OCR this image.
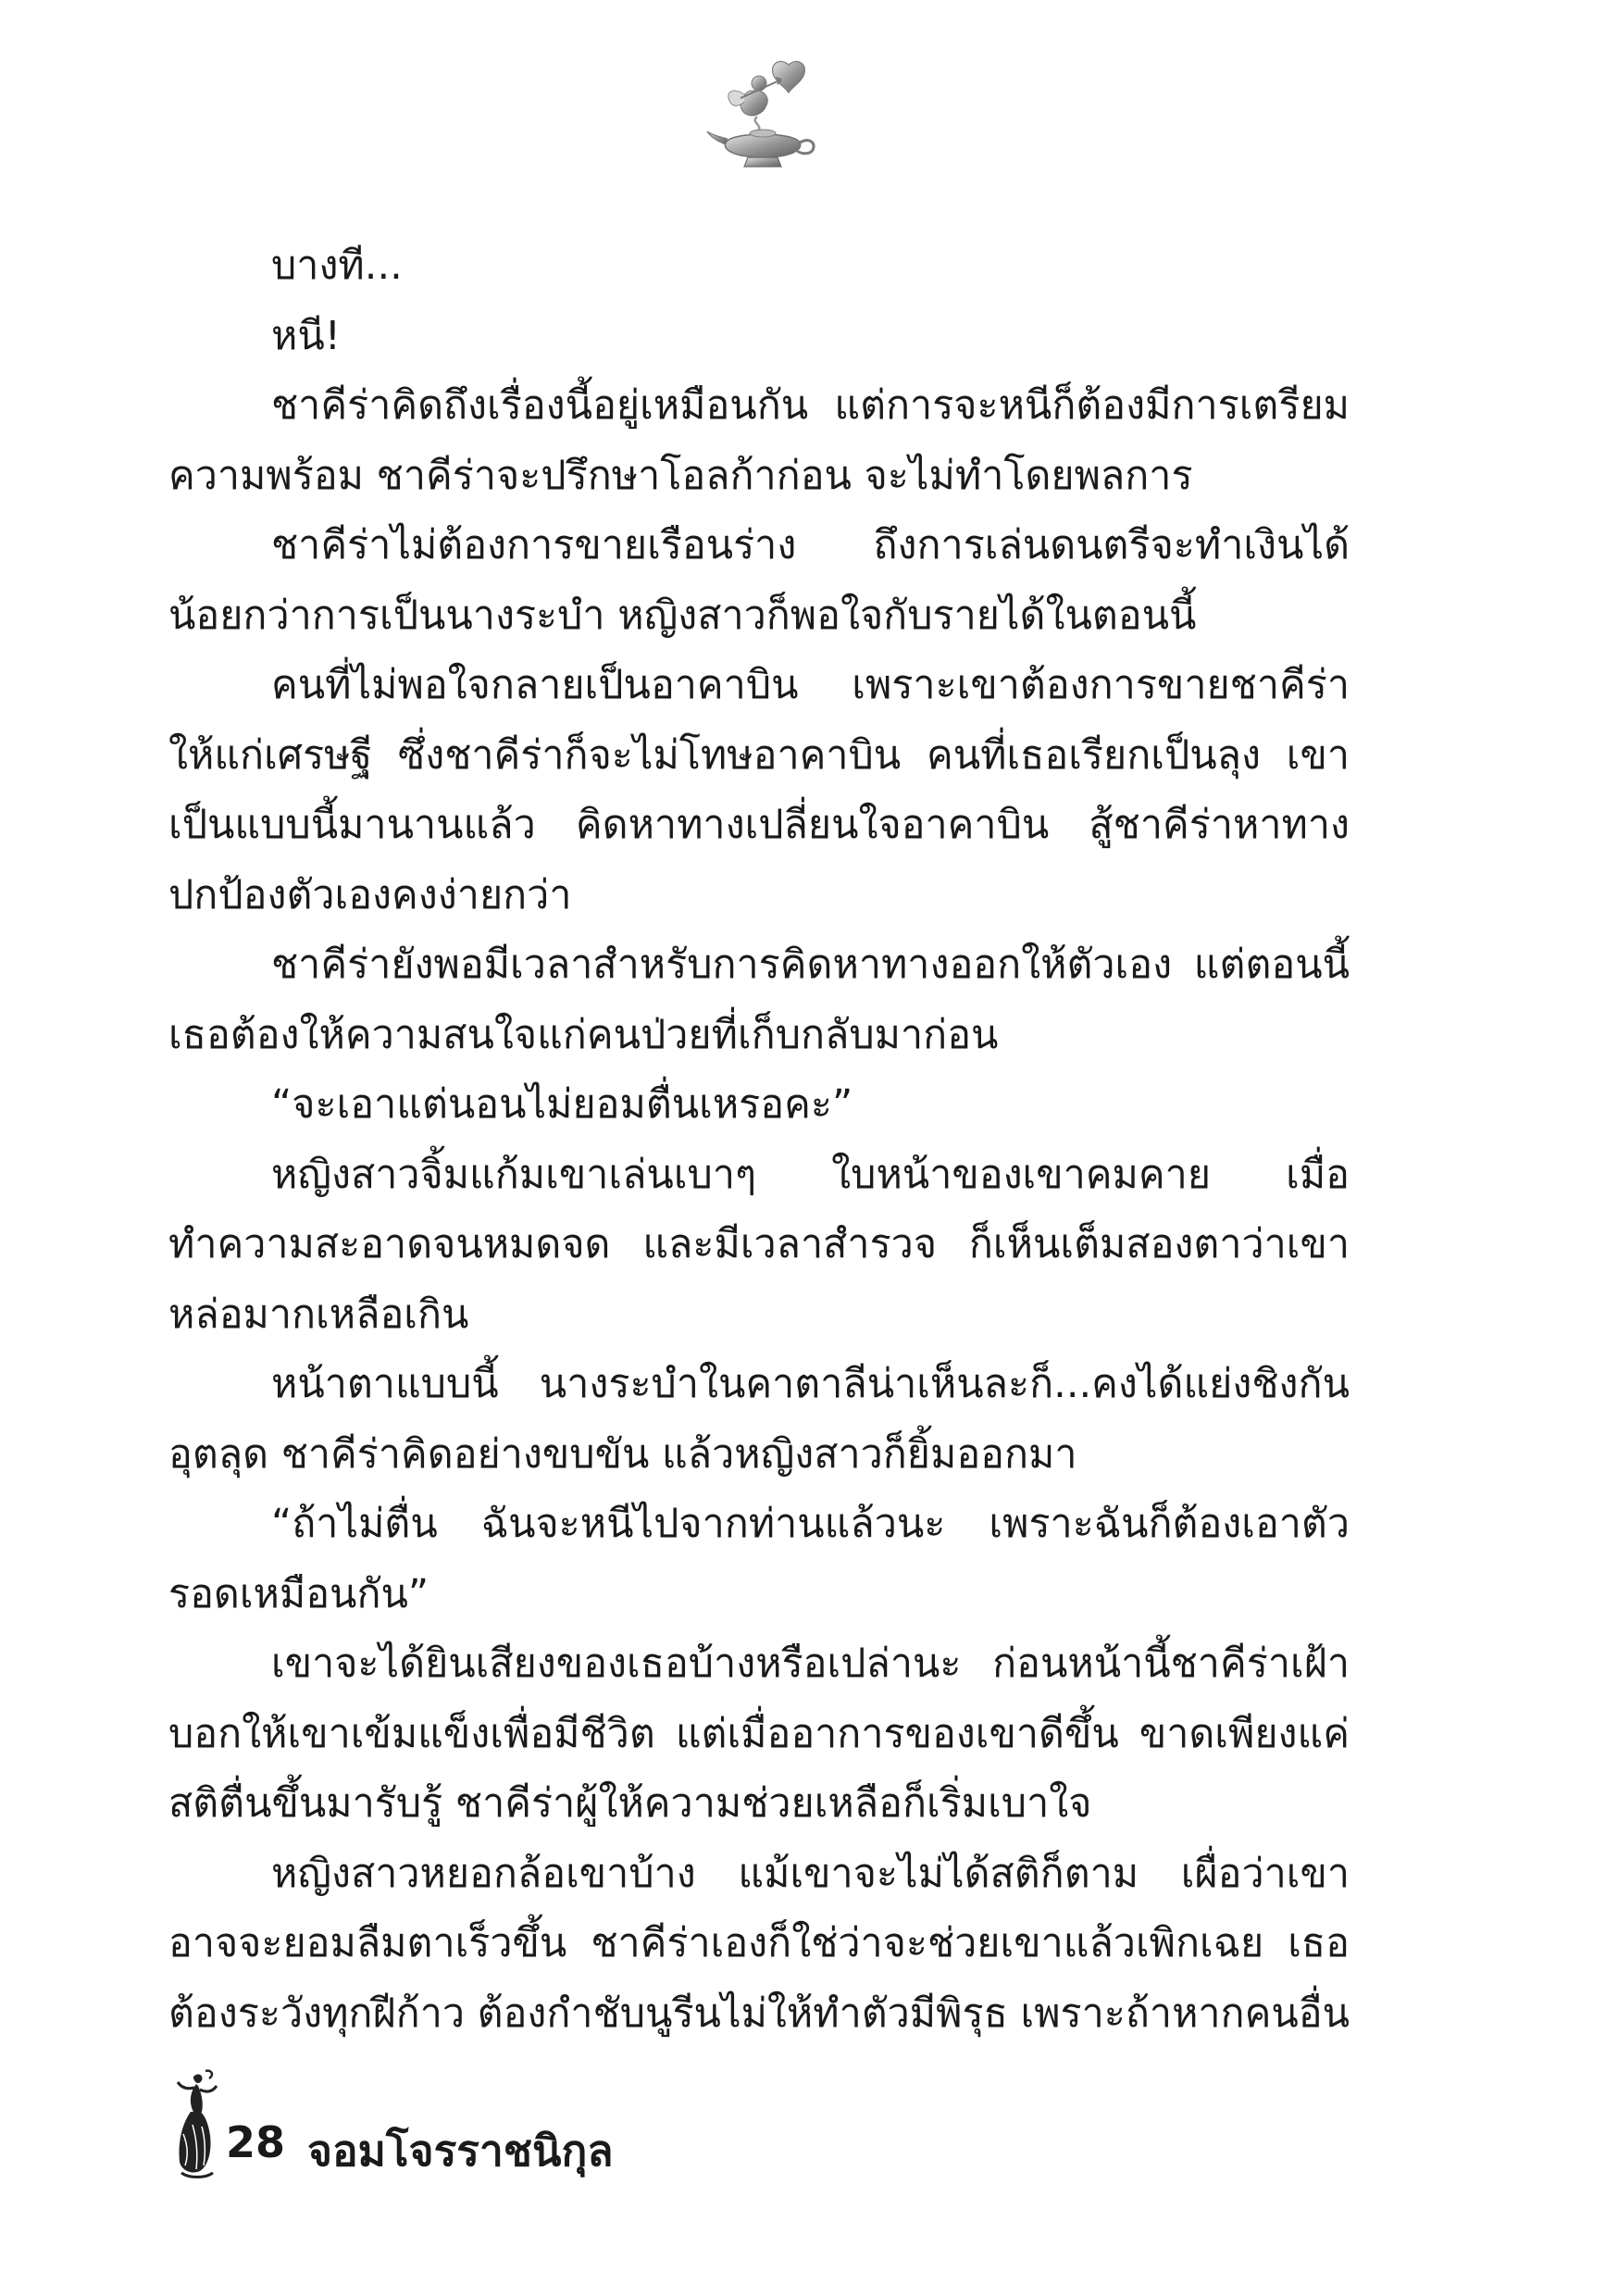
บางที...

หนี!

ชาคีร่าคิดถึงเรื่องนี้อยู่เหมือนกัน แต่การจะหนีก็ต้องมีการเตรียมความพร้อม ชาคีร่าจะปรึกษาโอลก้าก่อน จะไม่ทำโดยพลการ

ชาคีร่าไม่ต้องการขายเรือนร่าง ถึงการเล่นดนตรีจะทำเงินได้น้อยกว่าการเป็นนางระบำ หญิงสาวก็พอใจกับรายได้ในตอนนี้

คนที่ไม่พอใจกลายเป็นอาคาบิน เพราะเขาต้องการขายชาคีร่าให้แก่เศรษฐี ซึ่งชาคีร่าก็จะไม่โทษอาคาบิน คนที่เธอเรียกเป็นลุง เขาเป็นแบบนี้มานานแล้ว คิดหาทางเปลี่ยนใจอาคาบิน สู้ชาคีร่าหาทางปกป้องตัวเองคงง่ายกว่า

ชาคีร่ายังพอมีเวลาสำหรับการคิดหาทางออกให้ตัวเอง แต่ตอนนี้เธอต้องให้ความสนใจแก่คนป่วยที่เก็บกลับมาก่อน

“จะเอาแต่นอนไม่ยอมตื่นเหรอคะ”

หญิงสาวจิ้มแก้มเขาเล่นเบาๆ ใบหน้าของเขาคมคาย เมื่อทำความสะอาดจนหมดจด และมีเวลาสำรวจ ก็เห็นเต็มสองตาว่าเขาหล่อมากเหลือเกิน

หน้าตาแบบนี้ นางระบำในคาตาลีน่าเห็นละก็...คงได้แย่งชิงกันอุตลุด ชาคีร่าคิดอย่างขบขัน แล้วหญิงสาวก็ยิ้มออกมา

“ถ้าไม่ตื่น ฉันจะหนีไปจากท่านแล้วนะ เพราะฉันก็ต้องเอาตัวรอดเหมือนกัน”

เขาจะได้ยินเสียงของเธอบ้างหรือเปล่านะ ก่อนหน้านี้ชาคีร่าเฝ้าบอกให้เขาเข้มแข็งเพื่อมีชีวิต แต่เมื่ออาการของเขาดีขึ้น ขาดเพียงแค่สติตื่นขึ้นมารับรู้ ชาคีร่าผู้ให้ความช่วยเหลือก็เริ่มเบาใจ

หญิงสาวหยอกล้อเขาบ้าง แม้เขาจะไม่ได้สติก็ตาม เผื่อว่าเขาอาจจะยอมลืมตาเร็วขึ้น ชาคีร่าเองก็ใช่ว่าจะช่วยเขาแล้วเพิกเฉย เธอต้องระวังทุกฝีก้าว ต้องกำชับนูรีนไม่ให้ทำตัวมีพิรุธ เพราะถ้าหากคนอื่น

28 จอมโจรราชนิกุล
